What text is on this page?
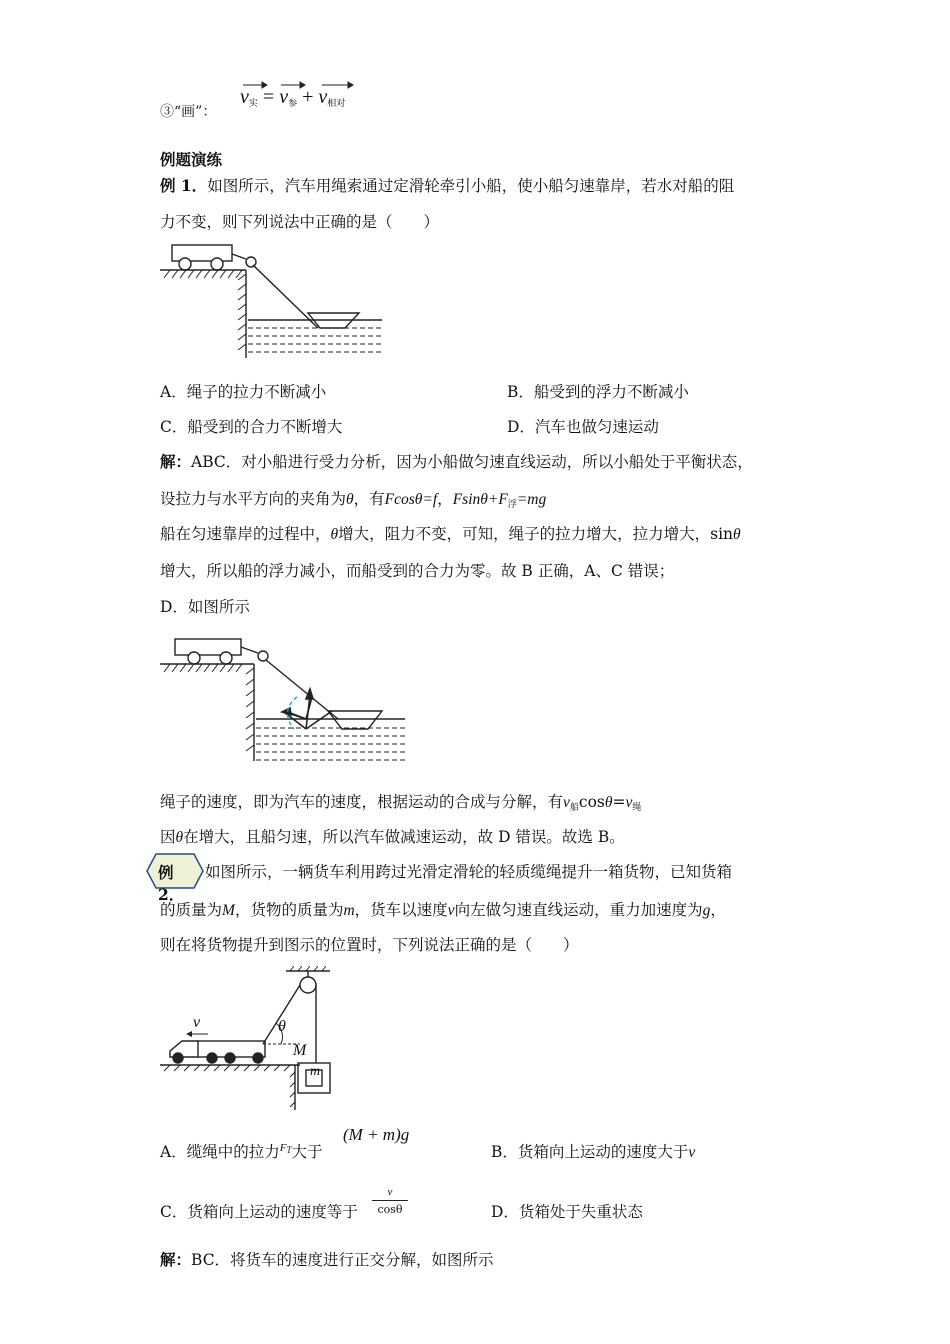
③“画”：
$v_实 = v_参 + v_{相对}$
例题演练
例 1．如图所示，汽车用绳索通过定滑轮牵引小船，使小船匀速靠岸，若水对船的阻
力不变，则下列说法中正确的是（　　）
A．绳子的拉力不断减小	B．船受到的浮力不断减小
C．船受到的合力不断增大	D．汽车也做匀速运动
解：ABC．对小船进行受力分析，因为小船做匀速直线运动，所以小船处于平衡状态，
设拉力与水平方向的夹角为θ，有Fcosθ=f，$Fsin\theta+F_浮=mg$
船在匀速靠岸的过程中，θ增大，阻力不变，可知，绳子的拉力增大，拉力增大，sinθ
增大，所以船的浮力减小，而船受到的合力为零。故 B 正确，A、C 错误；
D．如图所示
绳子的速度，即为汽车的速度，根据运动的合成与分解，有$v_船\cos\theta=v_绳$
因θ在增大，且船匀速，所以汽车做减速运动，故 D 错误。故选 B。
例 2．
如图所示，一辆货车利用跨过光滑定滑轮的轻质缆绳提升一箱货物，已知货箱
的质量为M，货物的质量为m，货车以速度v向左做匀速直线运动，重力加速度为g，
则在将货物提升到图示的位置时，下列说法正确的是（　　）
v	θ
M
m
A．缆绳中的拉力$^{FT}$大于
(M + m)g
B．货箱向上运动的速度大于v
C．货箱向上运动的速度等于
v
cosθ	D．货箱处于失重状态
解：BC．将货车的速度进行正交分解，如图所示
